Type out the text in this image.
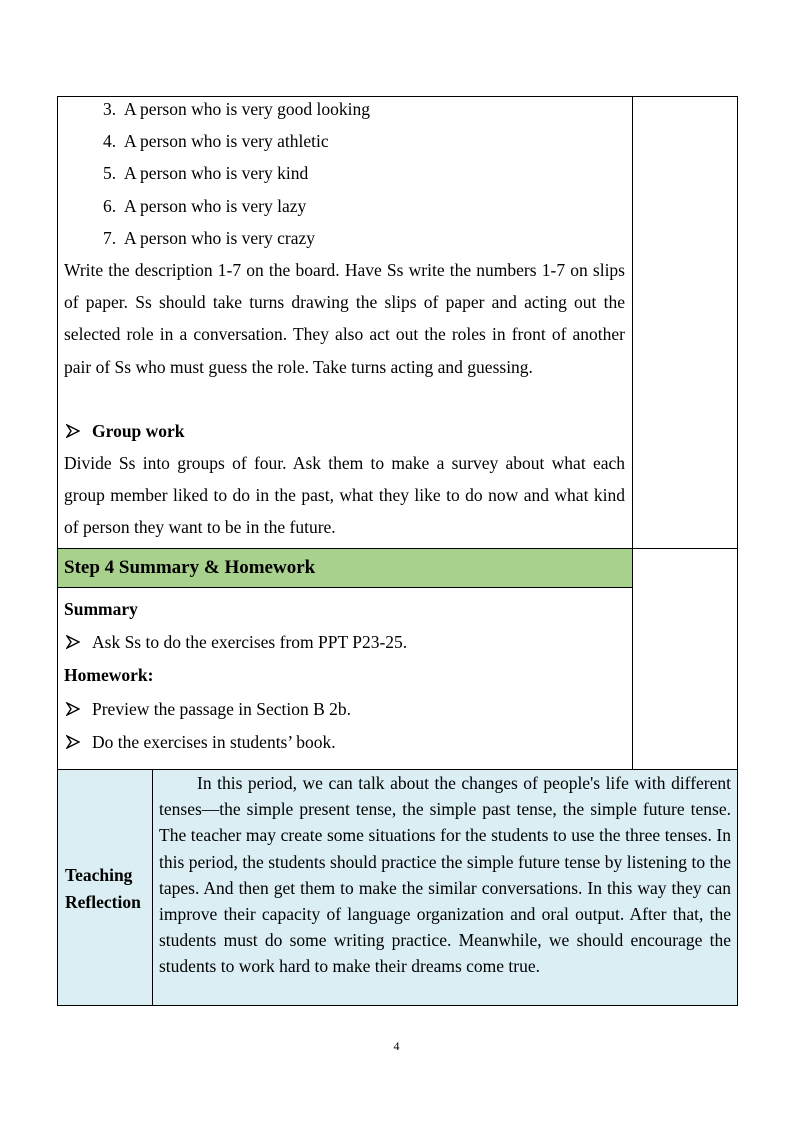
3. A person who is very good looking
4. A person who is very athletic
5. A person who is very kind
6. A person who is very lazy
7. A person who is very crazy
Write the description 1-7 on the board. Have Ss write the numbers 1-7 on slips of paper. Ss should take turns drawing the slips of paper and acting out the selected role in a conversation. They also act out the roles in front of another pair of Ss who must guess the role. Take turns acting and guessing.
Group work
Divide Ss into groups of four. Ask them to make a survey about what each group member liked to do in the past, what they like to do now and what kind of person they want to be in the future.
Step 4 Summary & Homework
Summary
Ask Ss to do the exercises from PPT P23-25.
Homework:
Preview the passage in Section B 2b.
Do the exercises in students’ book.
Teaching
Reflection

In this period, we can talk about the changes of people's life with different tenses—the simple present tense, the simple past tense, the simple future tense. The teacher may create some situations for the students to use the three tenses. In this period, the students should practice the simple future tense by listening to the tapes. And then get them to make the similar conversations. In this way they can improve their capacity of language organization and oral output. After that, the students must do some writing practice. Meanwhile, we should encourage the students to work hard to make their dreams come true.

4
